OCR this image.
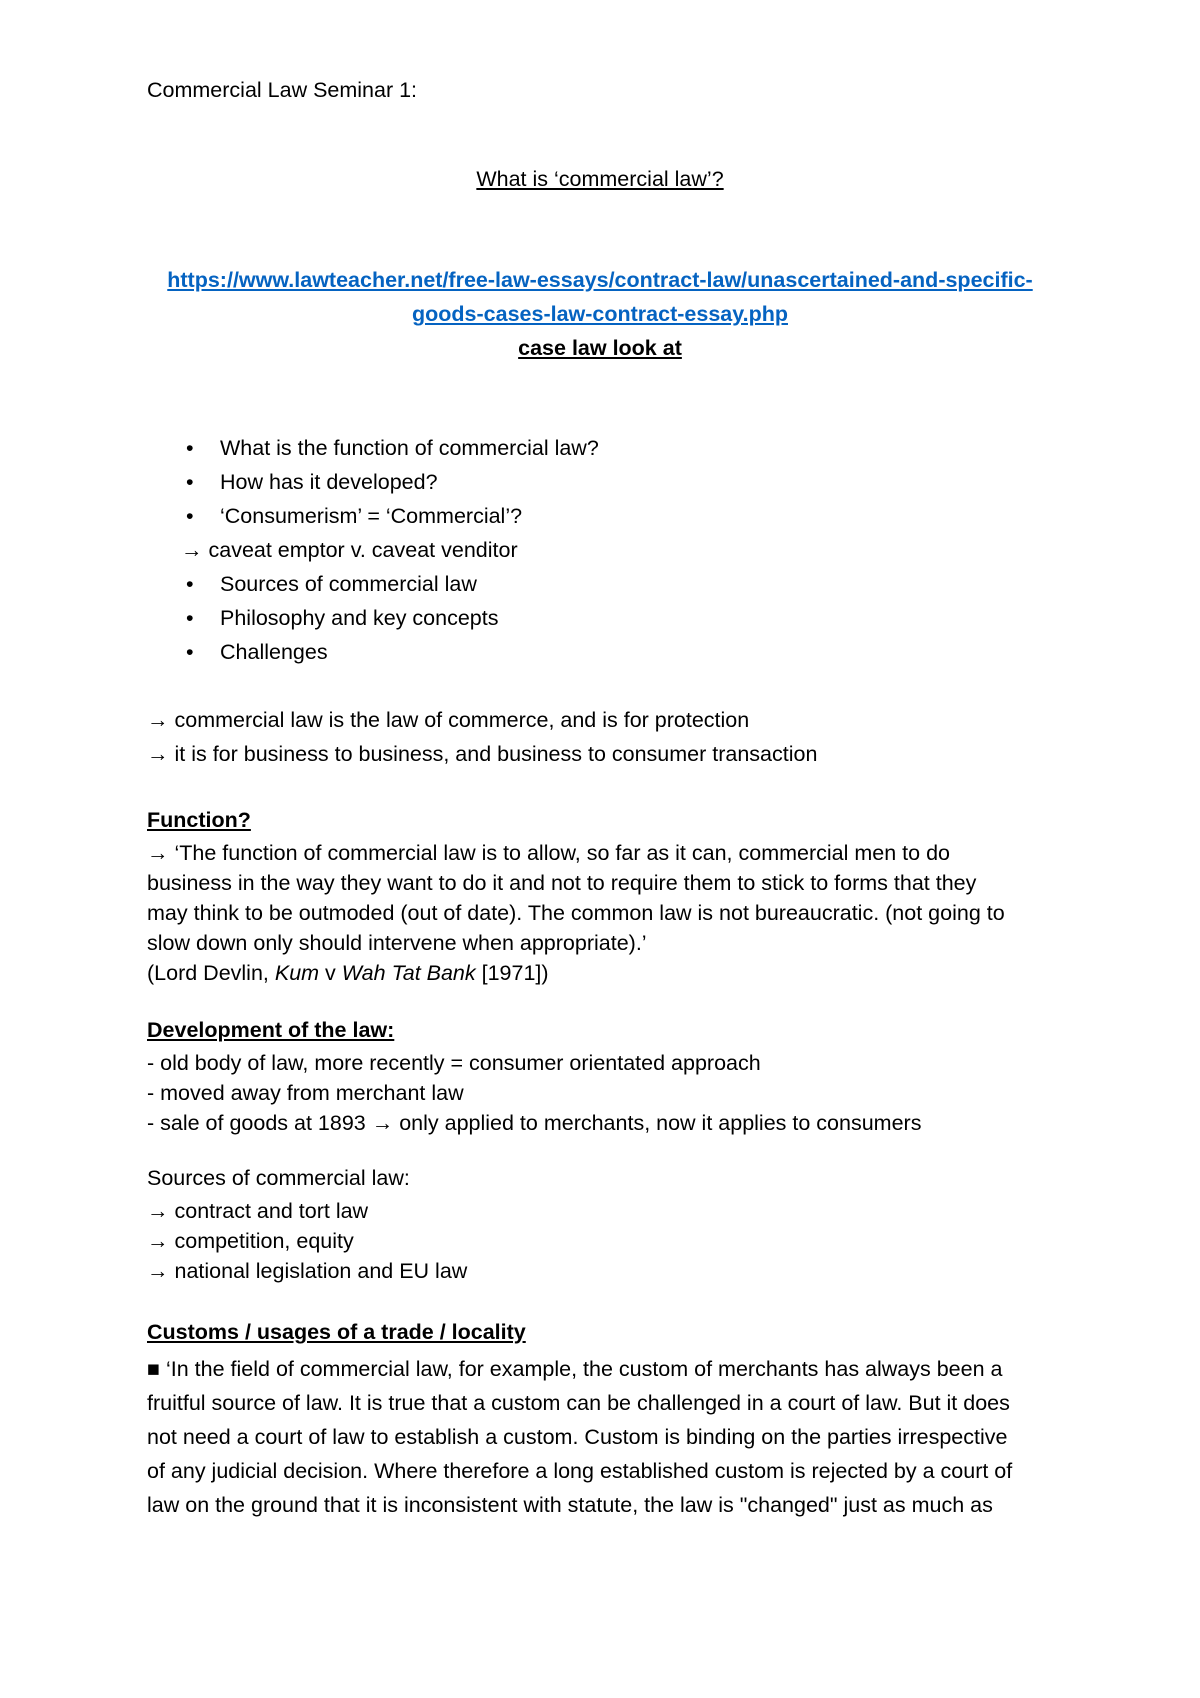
Commercial Law Seminar 1:
What is ‘commercial law’?
https://www.lawteacher.net/free-law-essays/contract-law/unascertained-and-specific-
goods-cases-law-contract-essay.php
case law look at
• What is the function of commercial law?
• How has it developed?
• ‘Consumerism’ = ‘Commercial’?
→ caveat emptor v. caveat venditor
• Sources of commercial law
• Philosophy and key concepts
• Challenges
→ commercial law is the law of commerce, and is for protection
→ it is for business to business, and business to consumer transaction
Function?
→ ‘The function of commercial law is to allow, so far as it can, commercial men to do
business in the way they want to do it and not to require them to stick to forms that they
may think to be outmoded (out of date). The common law is not bureaucratic. (not going to
slow down only should intervene when appropriate).’
(Lord Devlin, Kum v Wah Tat Bank [1971])
Development of the law:
- old body of law, more recently = consumer orientated approach
- moved away from merchant law
- sale of goods at 1893 → only applied to merchants, now it applies to consumers
Sources of commercial law:
→ contract and tort law
→ competition, equity
→ national legislation and EU law
Customs / usages of a trade / locality
■ ‘In the field of commercial law, for example, the custom of merchants has always been a
fruitful source of law. It is true that a custom can be challenged in a court of law. But it does
not need a court of law to establish a custom. Custom is binding on the parties irrespective
of any judicial decision. Where therefore a long established custom is rejected by a court of
law on the ground that it is inconsistent with statute, the law is "changed" just as much as
